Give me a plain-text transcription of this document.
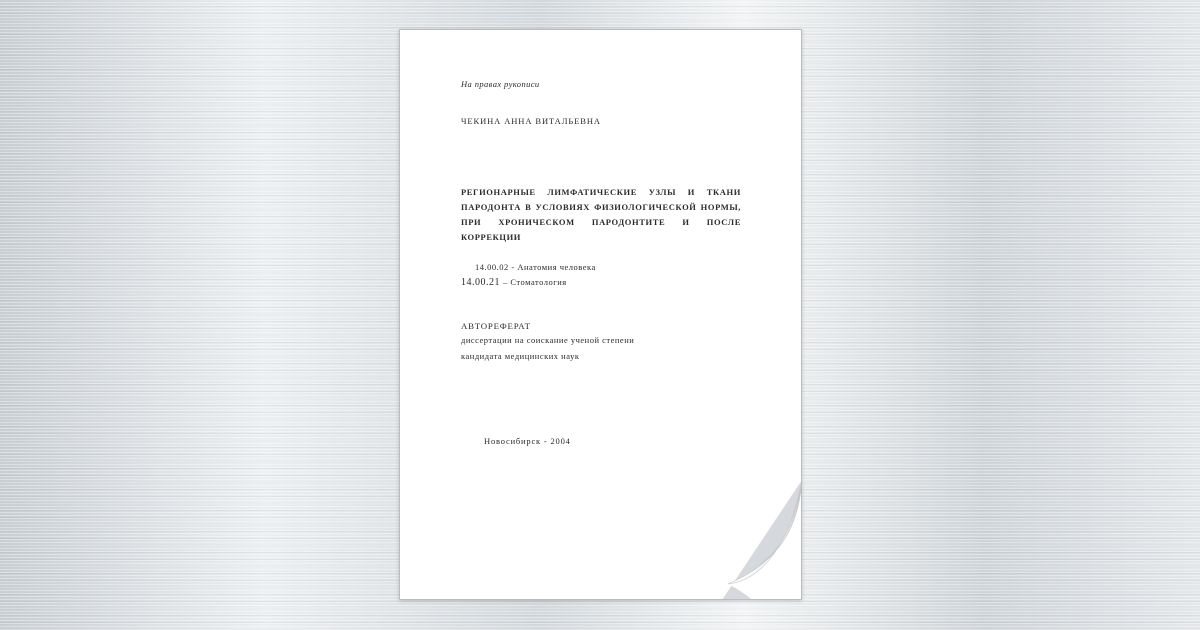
На правах рукописи

ЧЕКИНА АННА ВИТАЛЬЕВНА

РЕГИОНАРНЫЕ ЛИМФАТИЧЕСКИЕ УЗЛЫ И ТКАНИ
ПАРОДОНТА В УСЛОВИЯХ ФИЗИОЛОГИЧЕСКОЙ НОРМЫ,
ПРИ ХРОНИЧЕСКОМ ПАРОДОНТИТЕ И ПОСЛЕ
КОРРЕКЦИИ

14.00.02 - Анатомия человека

14.00.21 – Стоматология

АВТОРЕФЕРАТ

диссертации на соискание ученой степени

кандидата медицинских наук

Новосибирск - 2004
